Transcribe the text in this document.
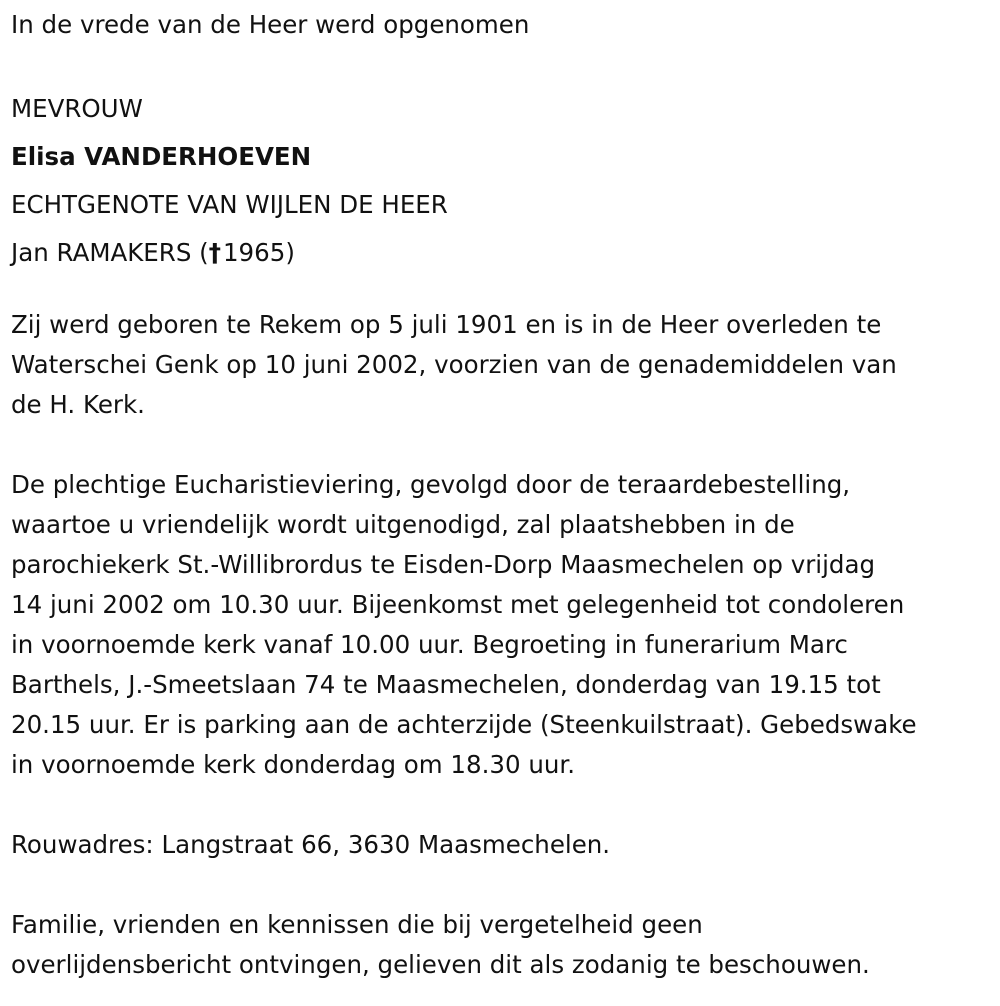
In de vrede van de Heer werd opgenomen

MEVROUW

Elisa VANDERHOEVEN

ECHTGENOTE VAN WIJLEN DE HEER

Jan RAMAKERS (†1965)

Zij werd geboren te Rekem op 5 juli 1901 en is in de Heer overleden te

Waterschei Genk op 10 juni 2002, voorzien van de genademiddelen van

de H. Kerk.

De plechtige Eucharistieviering, gevolgd door de teraardebestelling,

waartoe u vriendelijk wordt uitgenodigd, zal plaatshebben in de

parochiekerk St.-Willibrordus te Eisden-Dorp Maasmechelen op vrijdag

14 juni 2002 om 10.30 uur. Bijeenkomst met gelegenheid tot condoleren

in voornoemde kerk vanaf 10.00 uur. Begroeting in funerarium Marc

Barthels, J.-Smeetslaan 74 te Maasmechelen, donderdag van 19.15 tot

20.15 uur. Er is parking aan de achterzijde (Steenkuilstraat). Gebedswake

in voornoemde kerk donderdag om 18.30 uur.

Rouwadres: Langstraat 66, 3630 Maasmechelen.

Familie, vrienden en kennissen die bij vergetelheid geen

overlijdensbericht ontvingen, gelieven dit als zodanig te beschouwen.
